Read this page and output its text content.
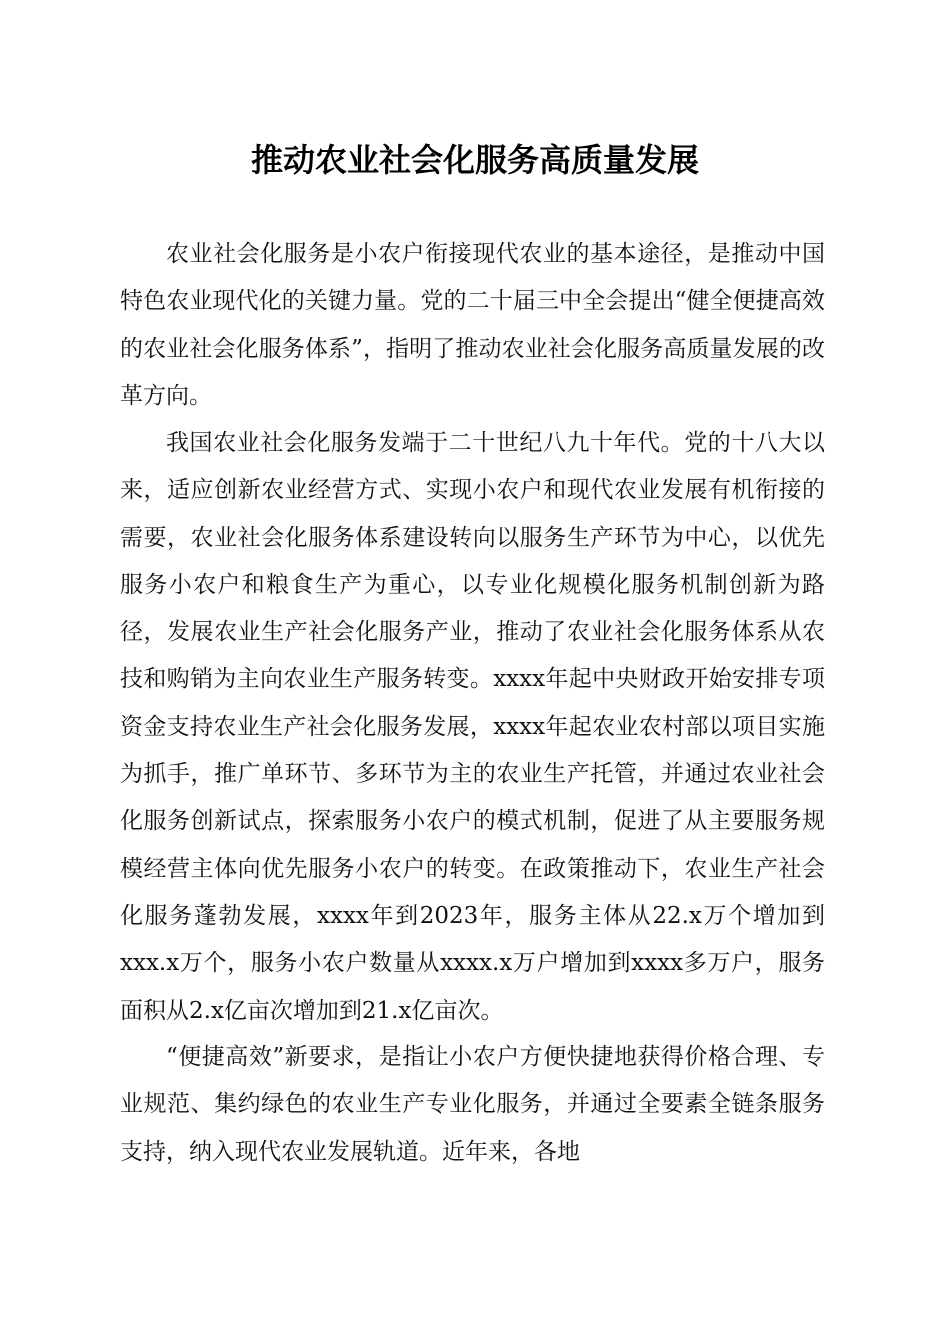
推动农业社会化服务高质量发展

农业社会化服务是小农户衔接现代农业的基本途径，是推动中国特色农业现代化的关键力量。党的二十届三中全会提出“健全便捷高效的农业社会化服务体系”，指明了推动农业社会化服务高质量发展的改革方向。

我国农业社会化服务发端于二十世纪八九十年代。党的十八大以来，适应创新农业经营方式、实现小农户和现代农业发展有机衔接的需要，农业社会化服务体系建设转向以服务生产环节为中心，以优先服务小农户和粮食生产为重心，以专业化规模化服务机制创新为路径，发展农业生产社会化服务产业，推动了农业社会化服务体系从农技和购销为主向农业生产服务转变。xxxx年起中央财政开始安排专项资金支持农业生产社会化服务发展，xxxx年起农业农村部以项目实施为抓手，推广单环节、多环节为主的农业生产托管，并通过农业社会化服务创新试点，探索服务小农户的模式机制，促进了从主要服务规模经营主体向优先服务小农户的转变。在政策推动下，农业生产社会化服务蓬勃发展，xxxx年到2023年，服务主体从22.x万个增加到xxx.x万个，服务小农户数量从xxxx.x万户增加到xxxx多万户，服务面积从2.x亿亩次增加到21.x亿亩次。

“便捷高效”新要求，是指让小农户方便快捷地获得价格合理、专业规范、集约绿色的农业生产专业化服务，并通过全要素全链条服务支持，纳入现代农业发展轨道。近年来，各地
